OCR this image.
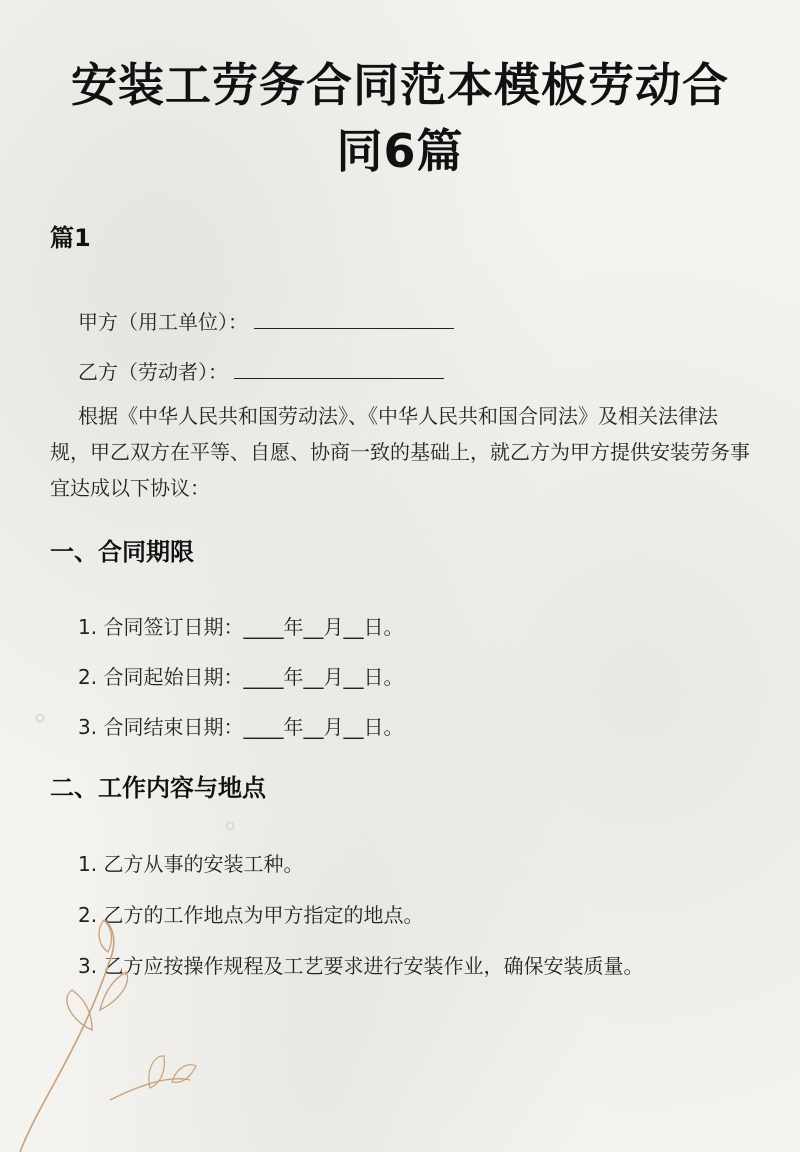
安装工劳务合同范本模板劳动合
同6篇
篇1
甲方（用工单位）：
乙方（劳动者）：
根据《中华人民共和国劳动法》、《中华人民共和国合同法》及相关法律法规，甲乙双方在平等、自愿、协商一致的基础上，就乙方为甲方提供安装劳务事宜达成以下协议：
一、合同期限
1. 合同签订日期：____年__月__日。
2. 合同起始日期：____年__月__日。
3. 合同结束日期：____年__月__日。
二、工作内容与地点
1. 乙方从事的安装工种。
2. 乙方的工作地点为甲方指定的地点。
3. 乙方应按操作规程及工艺要求进行安装作业，确保安装质量。
